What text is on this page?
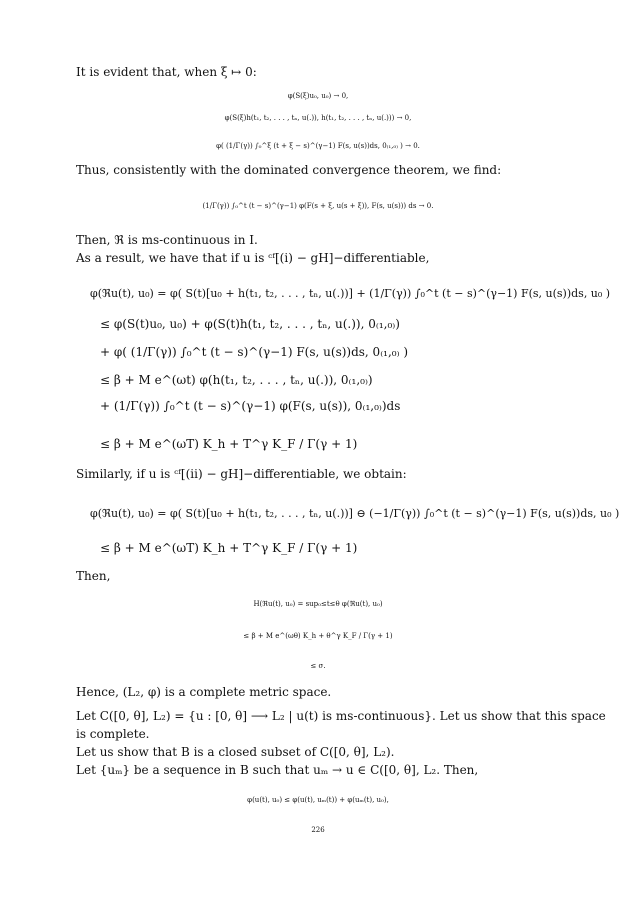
It is evident that, when ξ ↦ 0:
φ(S(ξ)u₀, u₀) → 0,
φ(S(ξ)h(t₁, t₂, . . . , tₙ, u(.)), h(t₁, t₂, . . . , tₙ, u(.))) → 0,
φ( (1/Γ(γ)) ∫₀^ξ (t + ξ − s)^(γ−1) F(s, u(s))ds, 0₍₁,₀₎ ) → 0.
Thus, consistently with the dominated convergence theorem, we find:
(1/Γ(γ)) ∫₀^t (t − s)^(γ−1) φ(F(s + ξ, u(s + ξ)), F(s, u(s))) ds → 0.
Then, ℜ is ms-continuous in I.
As a result, we have that if u is ᶜᶠ[(i) − gH]−differentiable,
φ(ℜu(t), u₀) = φ( S(t)[u₀ + h(t₁, t₂, . . . , tₙ, u(.))] + (1/Γ(γ)) ∫₀^t (t − s)^(γ−1) F(s, u(s))ds, u₀ )
≤ φ(S(t)u₀, u₀) + φ(S(t)h(t₁, t₂, . . . , tₙ, u(.)), 0₍₁,₀₎)
+ φ( (1/Γ(γ)) ∫₀^t (t − s)^(γ−1) F(s, u(s))ds, 0₍₁,₀₎ )
≤ β + M e^(ωt) φ(h(t₁, t₂, . . . , tₙ, u(.)), 0₍₁,₀₎)
+ (1/Γ(γ)) ∫₀^t (t − s)^(γ−1) φ(F(s, u(s)), 0₍₁,₀₎)ds
≤ β + M e^(ωT) K_h + T^γ K_F / Γ(γ + 1)
Similarly, if u is ᶜᶠ[(ii) − gH]−differentiable, we obtain:
φ(ℜu(t), u₀) = φ( S(t)[u₀ + h(t₁, t₂, . . . , tₙ, u(.))] ⊖ (−1/Γ(γ)) ∫₀^t (t − s)^(γ−1) F(s, u(s))ds, u₀ )
≤ β + M e^(ωT) K_h + T^γ K_F / Γ(γ + 1)
Then,
H(ℜu(t), u₀) = sup₀≤t≤θ φ(ℜu(t), u₀)
≤ β + M e^(ωθ) K_h + θ^γ K_F / Γ(γ + 1)
≤ σ.
Hence, (L₂, φ) is a complete metric space.
Let C([0, θ], L₂) = {u : [0, θ] ⟶ L₂ | u(t) is ms-continuous}. Let us show that this space
is complete.
Let us show that B is a closed subset of C([0, θ], L₂).
Let {uₘ} be a sequence in B such that uₘ → u ∈ C([0, θ], L₂. Then,
φ(u(t), u₀) ≤ φ(u(t), uₘ(t)) + φ(uₘ(t), u₀),
226
